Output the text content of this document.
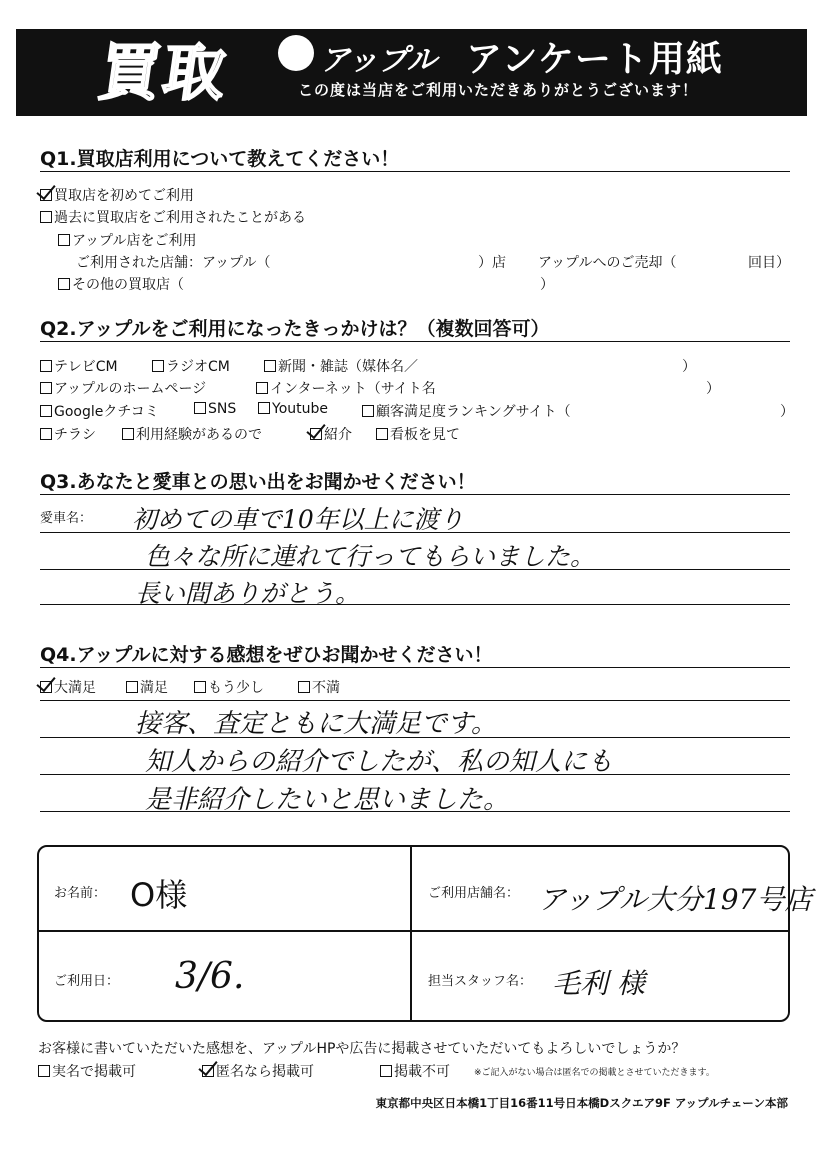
買取	アップル アンケート用紙
この度は当店をご利用いただきありがとうございます！
Q1.買取店利用について教えてください！
買取店を初めてご利用
過去に買取店をご利用されたことがある
アップル店をご利用
ご利用された店舗：アップル（	）店 アップルへのご売却（	回目）
その他の買取店（	）
Q2.アップルをご利用になったきっかけは？（複数回答可）
テレビCM	ラジオCM	新聞・雑誌（媒体名／	）
アップルのホームページ	インターネット（サイト名	）
Googleクチコミ	SNS	Youtube	顧客満足度ランキングサイト（	）
チラシ	利用経験があるので	紹介	看板を見て
Q3.あなたと愛車との思い出をお聞かせください！
愛車名： 初めての車で10年以上に渡り
色々な所に連れて行ってもらいました。
長い間ありがとう。
Q4.アップルに対する感想をぜひお聞かせください！
大満足	満足	もう少し	不満
接客、査定ともに大満足です。
知人からの紹介でしたが、私の知人にも
是非紹介したいと思いました。
お名前： O様	ご利用店舗名： アップル大分197号店
ご利用日： 3/6.	担当スタッフ名： 毛利 様
お客様に書いていただいた感想を、アップルHPや広告に掲載させていただいてもよろしいでしょうか？
実名で掲載可	匿名なら掲載可	掲載不可	※ご記入がない場合は匿名での掲載とさせていただきます。
東京都中央区日本橋1丁目16番11号日本橋Dスクエア9F アップルチェーン本部
